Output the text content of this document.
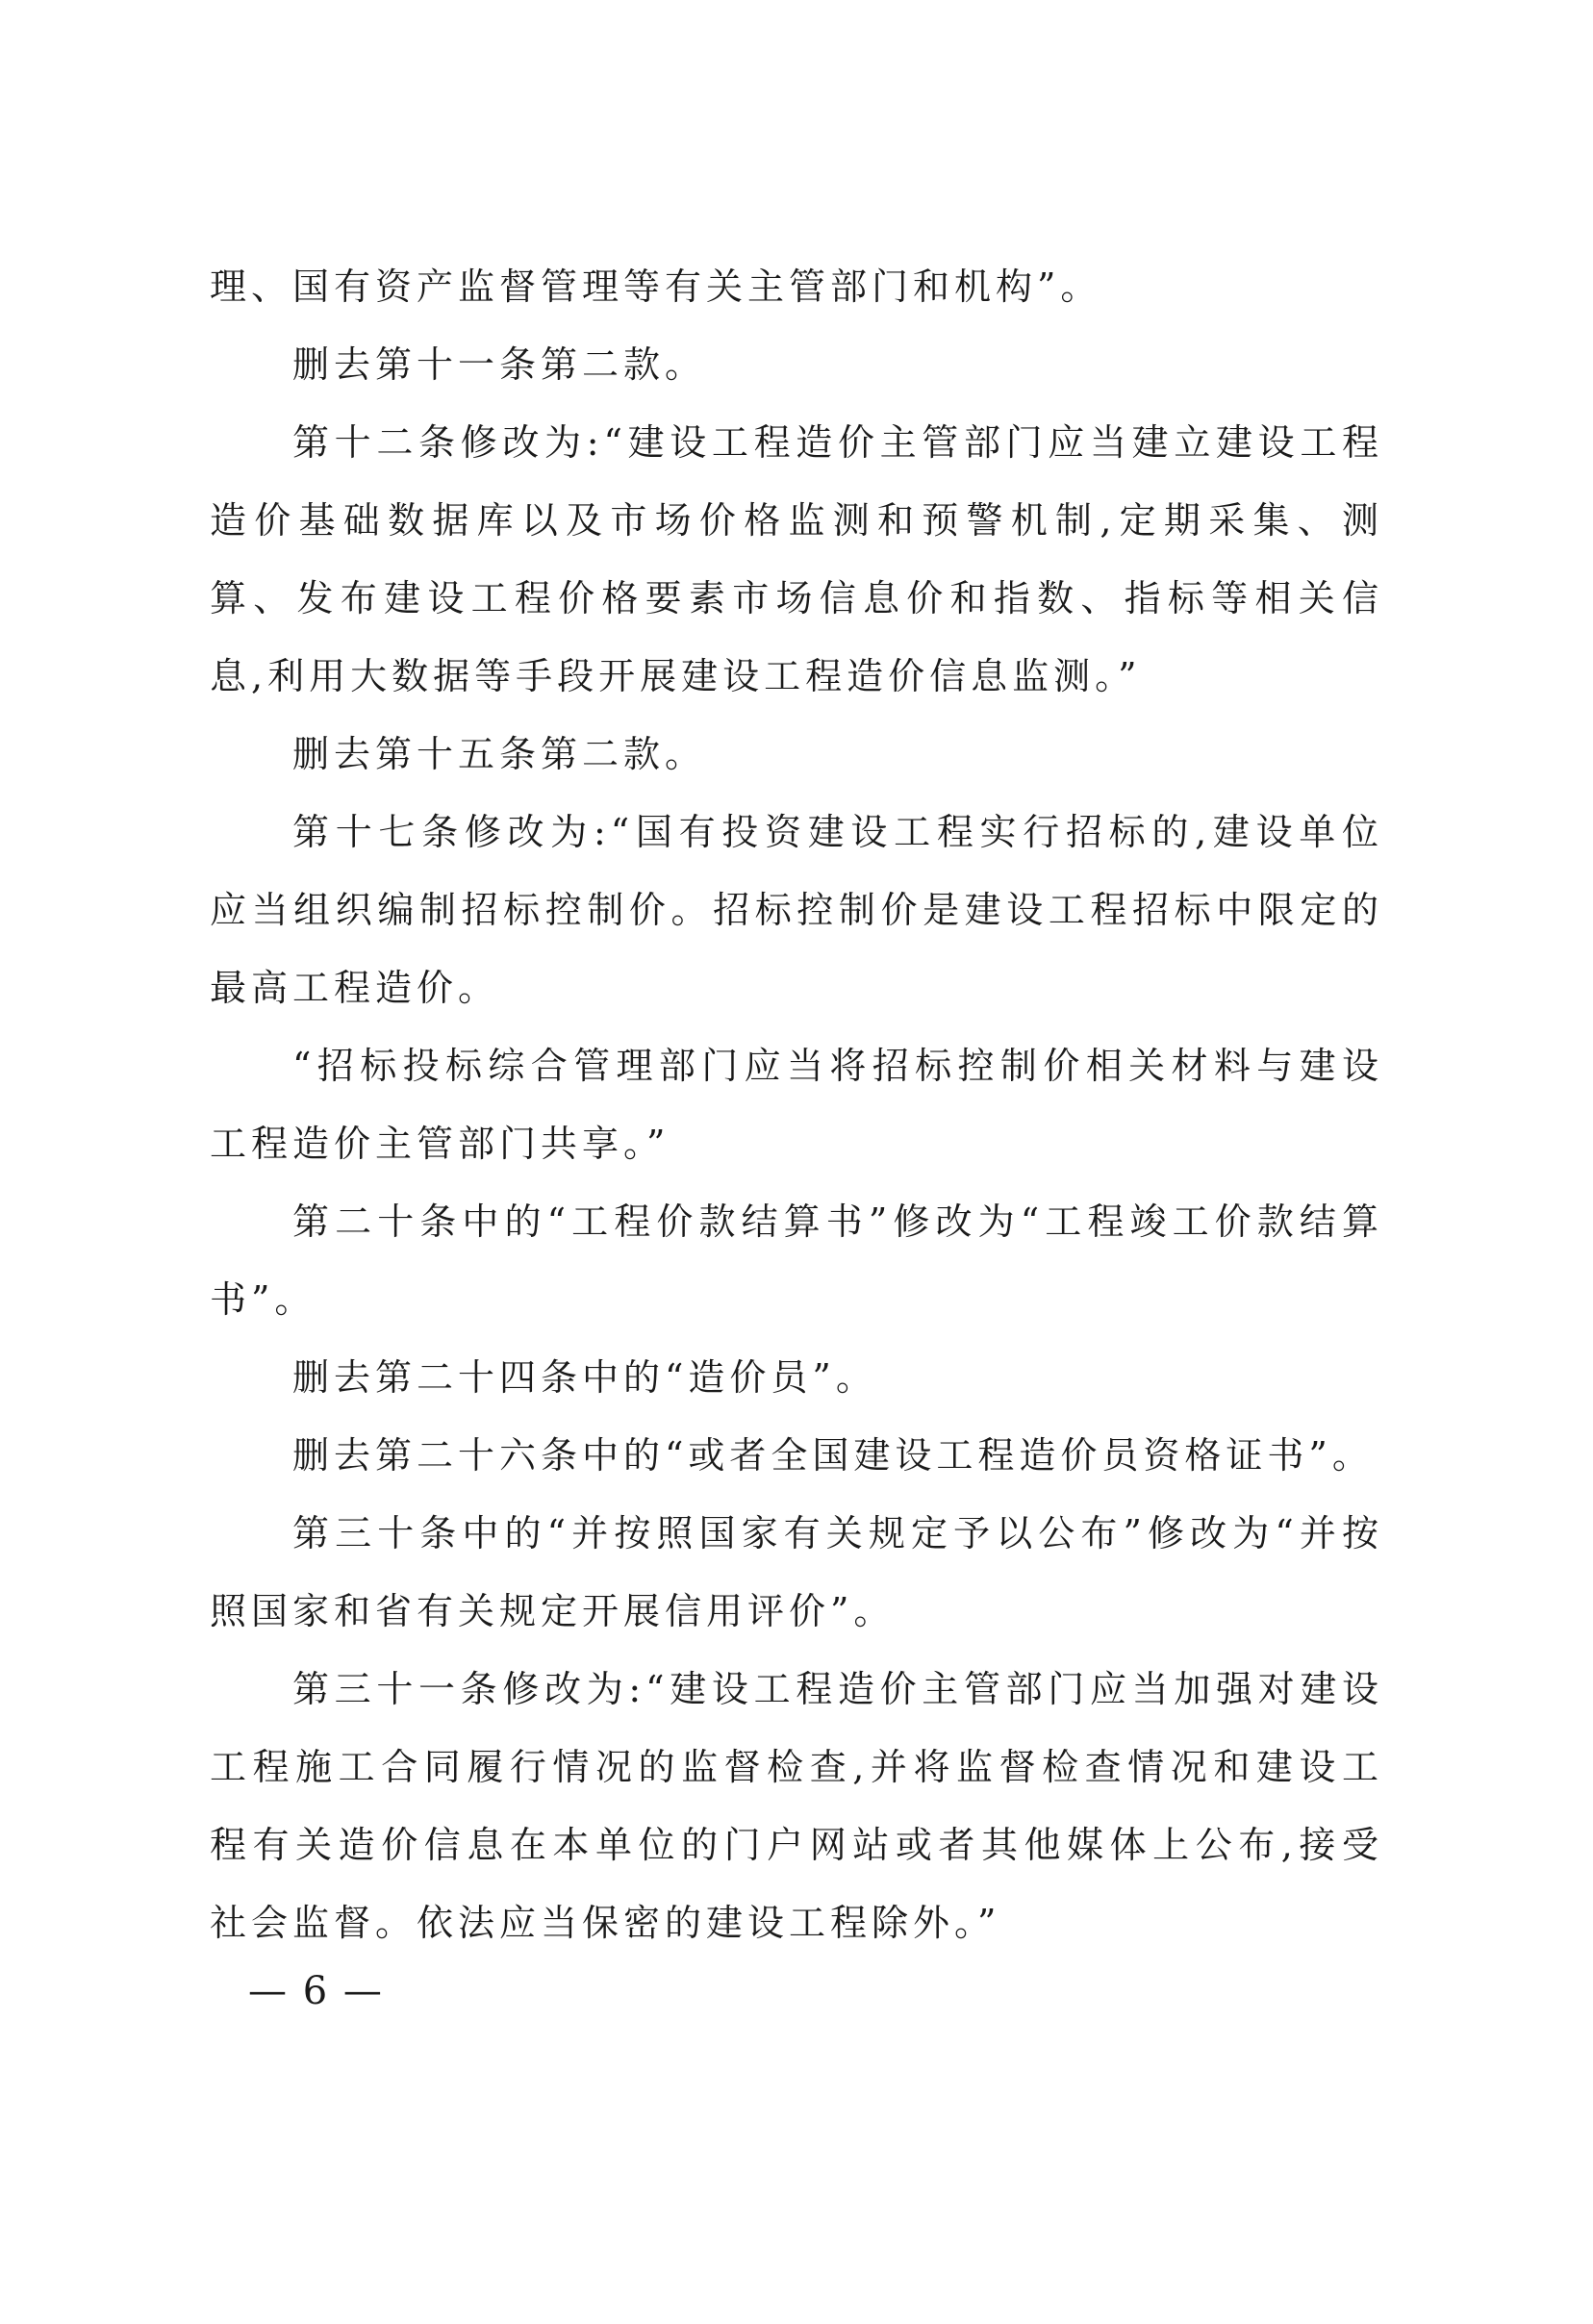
理、国有资产监督管理等有关主管部门和机构”。

删去第十一条第二款。

第十二条修改为:“建设工程造价主管部门应当建立建设工程造价基础数据库以及市场价格监测和预警机制,定期采集、测算、发布建设工程价格要素市场信息价和指数、指标等相关信息,利用大数据等手段开展建设工程造价信息监测。”

删去第十五条第二款。

第十七条修改为:“国有投资建设工程实行招标的,建设单位应当组织编制招标控制价。招标控制价是建设工程招标中限定的最高工程造价。

“招标投标综合管理部门应当将招标控制价相关材料与建设工程造价主管部门共享。”

第二十条中的“工程价款结算书”修改为“工程竣工价款结算书”。

删去第二十四条中的“造价员”。

删去第二十六条中的“或者全国建设工程造价员资格证书”。

第三十条中的“并按照国家有关规定予以公布”修改为“并按照国家和省有关规定开展信用评价”。

第三十一条修改为:“建设工程造价主管部门应当加强对建设工程施工合同履行情况的监督检查,并将监督检查情况和建设工程有关造价信息在本单位的门户网站或者其他媒体上公布,接受社会监督。依法应当保密的建设工程除外。”

— 6 —
